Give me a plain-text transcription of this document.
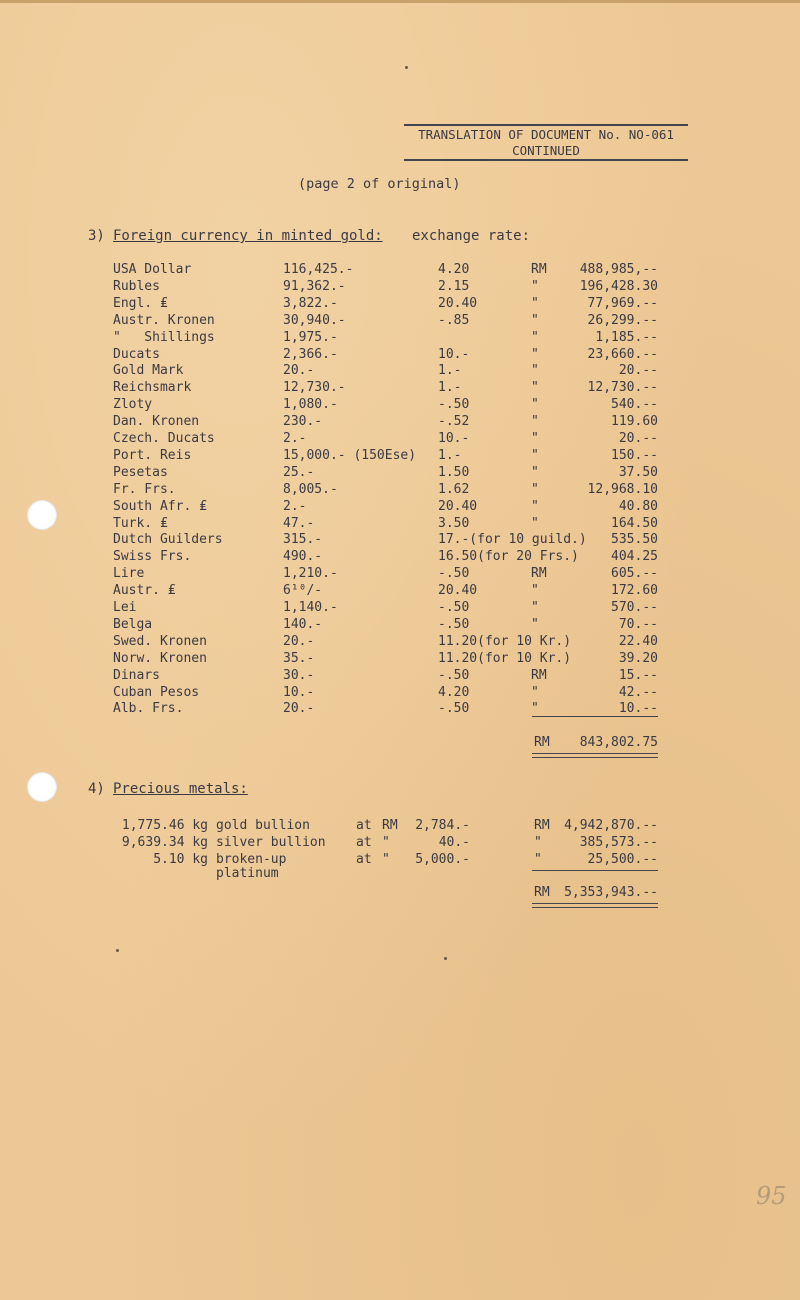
TRANSLATION OF DOCUMENT No. NO-061
CONTINUED
(page 2 of original)
3) Foreign currency in minted gold: exchange rate:
USA Dollar	116,425.-	4.20	RM	488,985,--
Rubles	91,362.-	2.15	"	196,428.30
Engl. ₤	3,822.-	20.40	"	77,969.--
Austr. Kronen	30,940.-	-.85	"	26,299.--
"   Shillings	1,975.-	"	1,185.--
Ducats	2,366.-	10.-	"	23,660.--
Gold Mark	20.-	1.-	"	20.--
Reichsmark	12,730.-	1.-	"	12,730.--
Zloty	1,080.-	-.50	"	540.--
Dan. Kronen	230.-	-.52	"	119.60
Czech. Ducats	2.-	10.-	"	20.--
Port. Reis	15,000.- (150Ese) 1.-	"	150.--
Pesetas	25.-	1.50	"	37.50
Fr. Frs.	8,005.-	1.62	"	12,968.10
South Afr. ₤	2.-	20.40	"	40.80
Turk. ₤	47.-	3.50	"	164.50
Dutch Guilders	315.-	17.-(for 10 guild.)	535.50
Swiss Frs.	490.-	16.50(for 20 Frs.)	404.25
Lire	1,210.-	-.50	RM	605.--
Austr. ₤	6¹⁰/-	20.40	"	172.60
Lei	1,140.-	-.50	"	570.--
Belga	140.-	-.50	"	70.--
Swed. Kronen	20.-	11.20(for 10 Kr.)	22.40
Norw. Kronen	35.-	11.20(for 10 Kr.)	39.20
Dinars	30.-	-.50	RM	15.--
Cuban Pesos	10.-	4.20	"	42.--
Alb. Frs.	20.-	-.50	"	10.--
RM	843,802.75
4) Precious metals:
1,775.46 kg gold bullion	at RM	2,784.-	RM	4,942,870.--
9,639.34 kg silver bullion at "	40.-	"	385,573.--
5.10 kg broken-up
platinum
at "	5,000.-	"	25,500.--
RM	5,353,943.--
95
